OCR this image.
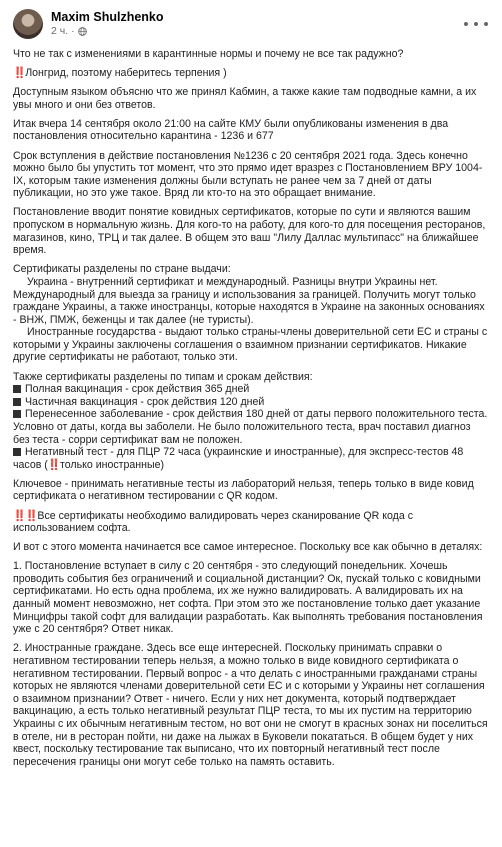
Maxim Shulzhenko
2 ч. ·

Что не так с изменениями в карантинные нормы и почему не все так радужно?

‼️Лонгрид, поэтому наберитесь терпения )

Доступным языком объясню что же принял Кабмин, а также какие там подводные камни, а их увы много и они без ответов.

Итак вчера 14 сентября около 21:00 на сайте КМУ были опубликованы изменения в два постановления относительно карантина - 1236 и 677

Срок вступления в действие постановления №1236 с 20 сентября 2021 года. Здесь конечно можно было бы упустить тот момент, что это прямо идет вразрез с Постановлением ВРУ 1004-IX, которым такие изменения должны были вступать не ранее чем за 7 дней от даты публикации, но это уже такое. Вряд ли кто-то на это обращает внимание.

Постановление вводит понятие ковидных сертификатов, которые по сути и являются вашим пропуском в нормальную жизнь. Для кого-то на работу, для кого-то для посещения ресторанов, магазинов, кино, ТРЦ и так далее. В общем это ваш "Лилу Даллас мультипасс" на ближайшее время.

Сертификаты разделены по стране выдачи:
Украина - внутренний сертификат и международный. Разницы внутри Украины нет. Международный для выезда за границу и использования за границей. Получить могут только граждане Украины, а также иностранцы, которые находятся в Украине на законных основаниях - ВНЖ, ПМЖ, беженцы и так далее (не туристы).
Иностранные государства - выдают только страны-члены доверительной сети ЕС и страны с которыми у Украины заключены соглашения о взаимном признании сертификатов. Никакие другие сертификаты не работают, только эти.

Также сертификаты разделены по типам и срокам действия:
Полная вакцинация - срок действия 365 дней
Частичная вакцинация - срок действия 120 дней
Перенесенное заболевание - срок действия 180 дней от даты первого положительного теста. Условно от даты, когда вы заболели. Не было положительного теста, врач поставил диагноз без теста - сорри сертификат вам не положен.
Негативный тест - для ПЦР 72 часа (украинские и иностранные), для экспресс-тестов 48 часов (‼️только иностранные)

Ключевое - принимать негативные тесты из лабораторий нельзя, теперь только в виде ковид сертификата о негативном тестировании с QR кодом.

‼️‼️Все сертификаты необходимо валидировать через сканирование QR кода с использованием софта.

И вот с этого момента начинается все самое интересное. Поскольку все как обычно в деталях:

1. Постановление вступает в силу с 20 сентября - это следующий понедельник. Хочешь проводить события без ограничений и социальной дистанции? Ок, пускай только с ковидными сертификатами. Но есть одна проблема, их же нужно валидировать. А валидировать их на данный момент невозможно, нет софта. При этом это же постановление только дает указание Минцифры такой софт для валидации разработать. Как выполнять требования постановления уже с 20 сентября? Ответ никак.

2. Иностранные граждане. Здесь все еще интересней. Поскольку принимать справки о негативном тестировании теперь нельзя, а можно только в виде ковидного сертификата о негативном тестировании. Первый вопрос - а что делать с иностранными гражданами страны которых не являются членами доверительной сети ЕС и с которыми у Украины нет соглашения о взаимном признании? Ответ - ничего. Если у них нет документа, который подтверждает вакцинацию, а есть только негативный результат ПЦР теста, то мы их пустим на территорию Украины с их обычным негативным тестом, но вот они не смогут в красных зонах ни поселиться в отеле, ни в ресторан пойти, ни даже на лыжах в Буковели покататься. В общем будет у них квест, поскольку тестирование так выписано, что их повторный негативный тест после пересечения границы они могут себе только на память оставить.
